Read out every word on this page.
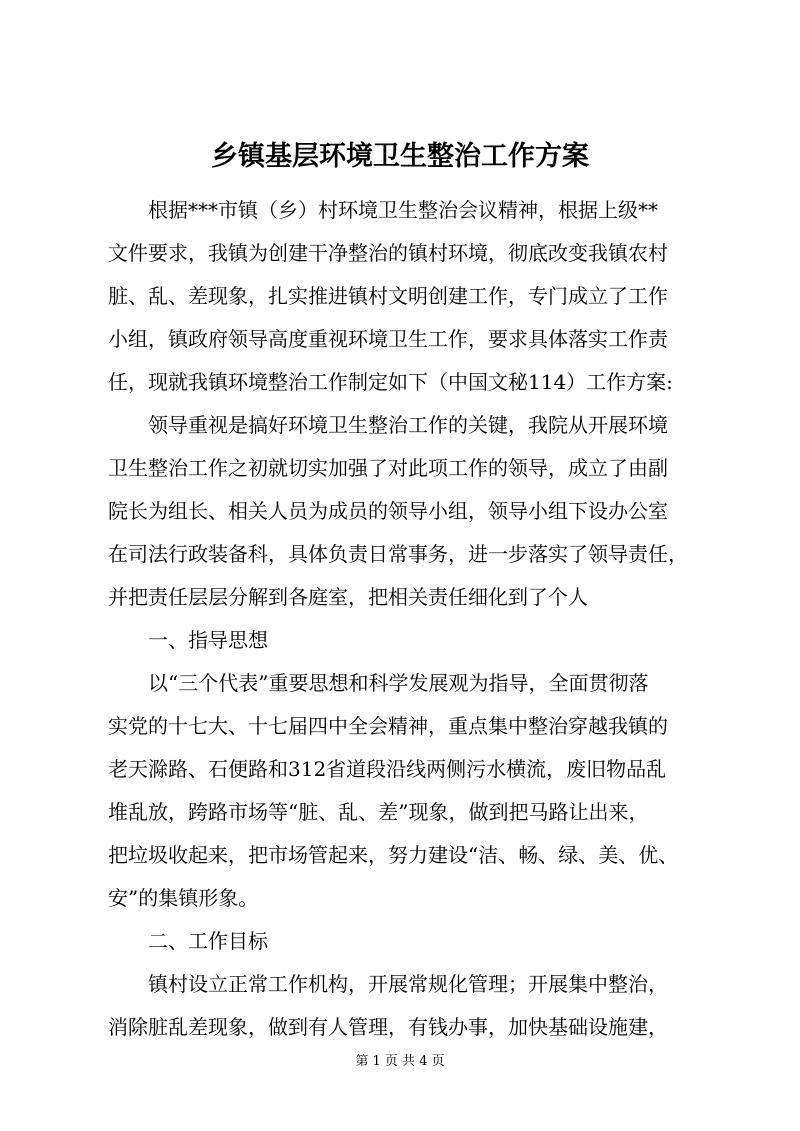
乡镇基层环境卫生整治工作方案
根据***市镇（乡）村环境卫生整治会议精神，根据上级**
文件要求，我镇为创建干净整治的镇村环境，彻底改变我镇农村
脏、乱、差现象，扎实推进镇村文明创建工作，专门成立了工作
小组，镇政府领导高度重视环境卫生工作，要求具体落实工作责
任，现就我镇环境整治工作制定如下（中国文秘114）工作方案:
领导重视是搞好环境卫生整治工作的关键，我院从开展环境
卫生整治工作之初就切实加强了对此项工作的领导，成立了由副
院长为组长、相关人员为成员的领导小组，领导小组下设办公室
在司法行政装备科，具体负责日常事务，进一步落实了领导责任，
并把责任层层分解到各庭室，把相关责任细化到了个人
一、指导思想
以“三个代表”重要思想和科学发展观为指导，全面贯彻落
实党的十七大、十七届四中全会精神，重点集中整治穿越我镇的
老天滁路、石便路和312省道段沿线两侧污水横流，废旧物品乱
堆乱放，跨路市场等“脏、乱、差”现象，做到把马路让出来，
把垃圾收起来，把市场管起来，努力建设“洁、畅、绿、美、优、
安”的集镇形象。
二、工作目标
镇村设立正常工作机构，开展常规化管理；开展集中整治，
消除脏乱差现象，做到有人管理，有钱办事，加快基础设施建，
第 1 页 共 4 页
